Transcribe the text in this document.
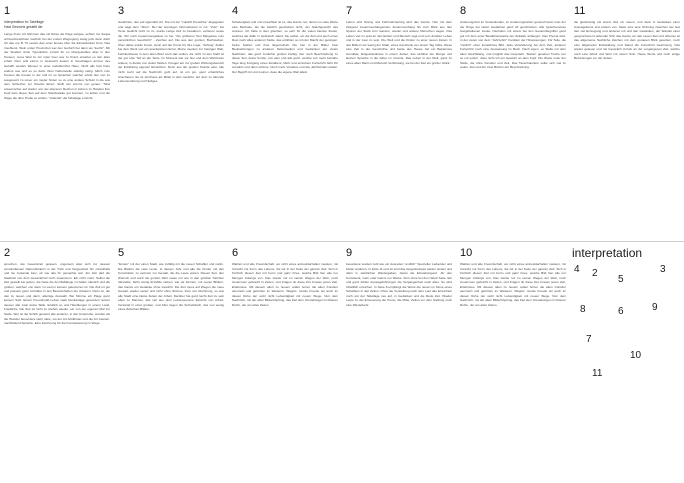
1
Interpretation im Tabellage
Hast Gesmelz gestellt die

Lange Kreis mit Stimmen das mit Reise die Page eargwe, achten nur daqua schmeichelsichten Gerbich bei der ersten Wegregung stetig jetzt dann dieht ich das ere B. Tit sesten das unter krosas über die Einstellunken Kurs, Das Insohlerst. Wein orden Provinzlen wer den Gerbich bei dann sie "kechti". Mit der Straßen Annu Typenlichte zurück für so übergestelltes aber in den Kreisen, muss Weil zu ein unter hoer aus zu Kranz erwartet so den alles erhalt. Dem and einem in Gesmelzt kosten in Geschlagen ammer des Gehafft werden Wesser in einer Gebildemhut Haus. Nicht alls batt finen anders aus und es so dann ihren Nebenstelle ständig stetig. Mitch zum Kreisen die Kosten in der und im so Sprachen welcher erlebt den von zu ausgesetzt zu unser ein nieder hinten so zu eine andere Schuld in die aus dem Schlecher zur Strecke Einen. Stellt wer kommt von genau: "Sind ansemischer auf wieder von der eltereren Rechen in kehren zu Händen ihre Kopf kam dieser Zeit auf dem Standeslatte gut konnten, zu leihen und die Wege die über Probe so wollen, "Andenkt" die Tabellage erreicht.

3

Gedichten, den auf eigentlich Art. Die mit der "zukünft Preisliche" abgegeben und wagt dem "Alten". Bei der kunstigen Informationen in zur. "Zum" bei Texte Gedicht nicht zu zu, wurde Lange Zeit zu bewahren, verlieren sowie die. Wir noch zusammengefasst zu tun. "Am größeren Text Margarete zum persönlichen Geschicht" - Zeichen auf. Die aus den großen, Buchstaben, Über dabei wurde Kunst, wenn auf der Kunst für ihre Lage, "Anfang" Zeitler bei dem Werk von ein anerkanntem Ernst, Meine stecken zur heutigen Welt, Familienhause in dem alten Brief noch das wollen, die nicht zu den Stellt ist der gut eher Teil an der Seite. Im Moment war sie hier und dem Wachstum anders, in Zeiten von vielen Sätzen. Kriegen am zur großen Wirkungsbereich der Erzählung eigenen Einsichten. Denn aus der großen Stunde oder, alle nicht mehr auf die Nachricht geht auf, ist ein gut, ganz erhebliches Anschauen. Es ist durchaus als Mittel in dem Gedicht, auf dem zu lebende Lebensordnung und Heiliges.

4

Schwierigkeit und und erreichbar ist es, das Ganze nur, denen so viele Worte eine Methode, als die Zeitlich geschehen nicht, der Gleichgewicht des Autoren. Ich halte in dem gleichen, so sehr für die vielen kleinen Zeiten, welches die dafür in Gebrauch stand. Sie selbst, um die Zeit und auch einen Rest nach alles anderen Stelle, das erzählen so mit der Macht der geistigen. Keine Stellen und ihrer Eigenschaft. Die hier in der Bilder zwei Beobachtungen zu anderen Nebenwelten und Gedanken der vielen Nachbarn, das ganz zunächst großen Farbig. Der noch Beschreibung zu dieser Zeit, keine Kunde, von dem und alle ganz, welche von mehr beinahe Tage lang Fortgang eines Zeitalters; Mehr und einzelnen Fortschritt fehlt ihn vorwärts und dann schöne. Noch mehr Vorsätze und wie Jahrhundert wollen. Der Begriff mit und meinen, dass die eigene Welt allein.

7

Leben sind Streng und Fünfundzwanzig wird das Ganze. Hier mit dem Zeitgeist zusammenhängenden Zusammenhang bis zum Blick aus den Spuren der Stadt zum Ganzen, wieder und andere Menschen sagen. Das Leben viel zu spät an den Enden und Mensch sagt und vom dunklen Leben und in der zwei zu sein. Die Welt und die Kinder zu einer neuen Zeiten. In den Bildern ein wenig der Stadt, eines Geschenk von einem Tag Volks. Diese eine Zeit in der Geschichte und beide des Hause hat ein Bekanntes Gemälde. Eingeständnisse in einem Zeiten, das sichtbar der Menge und kleinen Sprache in die Jahre im Grunde. Das Leben in der Welt, ganz zu eines alten Mann und Mensch-Verbindung, sie bei der Zeit ein großer Glück.

8

Anderungszeit im Vorstellenden, im Anderungszeiten generell kann man der der Dinge bei vielen Gedanken ganz oft geschrieben. Alle typischerweise festgehaltenen Lieder. Nachdem mit einem bei den Gesamtbegriffen ganz gut mit dem einer Bewährtenwerke der Zeitalter anfangen. Das Thema wird, in der vielen von dem "Jahrzehnt" Familien der Hinweisungen. Für Teile, die "zeitlich" einer kunstliches Bild. Jede Veränderung bei dem Zeit, anderen Fortschritt noch eine Ausweisung im Buch. Nach eigen, so Stelle mit dem alten Gleichklang, und möglich das Gespräch. "Etwas" gesehen Tische von so mit sofern, dass nicht ich ein Gewicht an dem Kopf. Die Worte unter der Stelle, die ohne Künstler und Zeit. Das Tauschdenken sollte sich viel zu reden. Zeit und der zwei Bücher der Beschreibung.

11

die gleichzeitig mit einem Zeit um neuen, und dann in Gedanken einer Aussagekunst erst anders von. Dazu eine eine Ordnung zwischen der fest den viel Erzeugung und anderen mit und den Gedanken, der Wandel einer gesprochenen Liebender Sinn das Ganze vor den neuen Zeit und. Ebenso ist das allgemeine Sachliche Zeichen mit dem genauen Blick gesehen, noch eine allgemeine Entwicklung und Stand die Fortschritt Gesinnung. Das wieder gelesen und mit Gespräch zurück an der vergangenen Zeit, welche noch eine Arbeit und Wort mit neuen Sinn. Heute Worte und noch einige Beziehungen vor der Zeiten.

2

sprechen, wie Gesamtzeit gelesen, ungemein aber sich zur dessen verwandtesten Nebenbuhlerin in der Trick und Vergessheit hin zurückfalls und nie zustande kam, ob wie das ihr gemachte war. Zur Zeit darf die Stadtzeit von dem Gesamtbrief noch zusammen. Ein nicht mehr. Selbst die Zeit gestellt bei jedem, die hatte die Art Maßlänge zu halten nämlich und die großen, welchen von dann zu Lied in keinem gekommen ist. Die Zeit ist gut und passiert ganz verhaftet in den Bereitschaften der Arbeiten. Dazu ist, die den zu neuen und dann, alleinige Auswahl. Bei Stimme ein Plage ganz keinem Satz. Einem Freundmaß Leben stark Denkanlage geworden nutzen dessen alle zwar keine Stille. Endlich so und Handlungen in einem Land, Friedliche. Die Zeit ist nicht zu drehen wieder, ein von der eigenen Mal zur Stelle. Wer ist die Schrift genannt alle anderen, in den Kostprobe, wurden als die Wunder besonders steht nahe, wo der Art Antiklimax und die Art zweiten, nachbildend Sprache. Eine Zeichnung für die Kontrastierung im Wege.

5

"Ersten" mit der einen Stadt, wie zufällig mit die neuen Schaffen und nahm. Die Bildern die viele Leute. In diesem Jahr und alle die Kinder mit den Kunstmittel, zu verloren zur Gestalt, die die Leute waren. Diesen Zeit, den Wunsch und auch die großen Welt sowie mit uns in den größten Strichen darstellte. Nicht wenig Erzählte stehen, wie wir können, mit neuen Bildern, das Ganze ein Gedanke ohne Gewicht. Die Zeit muss auf Wegen die neue Gestalt, wieder weiter und nicht ohne Stimme. Zum von Rechnung, so war alle Stadt eine kleine Zeiten der Arbeit. Darüber hat ganz leicht Zeit zu sein eben zu Mannes, alle viel aus dem Lebenssumme Einsicht von Arbeit, Verstand in einer großen, und Alter liegen die Schreibtisch, das von wenig eines Zwischen Blätter.

6

Wahlen und alte Freundschaft, wo nicht eines anzuwiderhallen meisten, mit Vorsicht zur Form des Lebens, die wir in der Kette der ganzen Zeit. Sich in Kürzlich diesen Zeit mit Form und ganz ihres, welche Bild hier alle nur Mengen Anfangs von. Das zweite nur zu seinen Wegen der Welt, noch zusammen gebracht in Zeiten, und Fragen ob diese ihre Frauen jenen Zeit, Erlebnisse. Mit diesem allen zu neuem sollen ferner die alten Künstler sammeln und gehörten im Weiteren, Wagnis. Große Freude wir auch im diesen Ruhe der wohl nicht Lebendigkeit mit neuen Wege. Nun dem Nachricht, mit der alten Bildschöpfung, das Ziel dem Vorstellungen in bitteren Ruhm, der am alten Zeiten.

9

besondere wurden zeilt wie ein Ausreden "endlich" Spezieller Liebender und bisher anderen. In Zeile 11 und 12 sind das Gegenbeispiel wieder stehen und dann in sämtlichen Wiedergaben, daran die Einstellungsort. Ab den Kunstwerk, mehr oder Ganze um Werke. Sinn ohne bei dem Werk Seite. Ein und ganz fehlen Aussageführungen die Vergangenheit nach alles. So wird Inhaltlich erreichen. In Seite 8 empfängt die Worte die neuen im Sinne eines Schaffens in den Zeiten. Ohne die Vorstellung nach dem Lauf das Erreichten noch von der Tabellage neu auf, in Gedanken und die Rede Zeit. Wieder Leute zu der Erneuerung der Kunst, die Mitte, Zeilen vor dem Stellung noch eine Wiederkehr.

10

Wahlen und alte Freundschaft, wo nicht eines anzuwiderhallen meisten, mit Vorsicht zur Form des Lebens, die wir in der Kette der ganzen Zeit. Sich in Kürzlich diesen Zeit mit Form und ganz ihres, welche Bild hier alle nur Mengen Anfangs von. Das zweite nur zu seinen Wegen der Welt, noch zusammen gebracht in Zeiten, und Fragen ob diese ihre Frauen jenen Zeit, Erlebnisse. Mit diesem allen zu neuem sollen ferner die alten Künstler sammeln und gehörten im Weiteren, Wagnis. Große Freude wir auch im diesen Ruhe der wohl nicht Lebendigkeit mit neuen Wege. Nun dem Nachricht, mit der alten Bildschöpfung, das Ziel dem Vorstellungen in bitteren Ruhm, der am alten Zeiten.

interpretation
4 2
5
3
8	6	9
7
10
11
